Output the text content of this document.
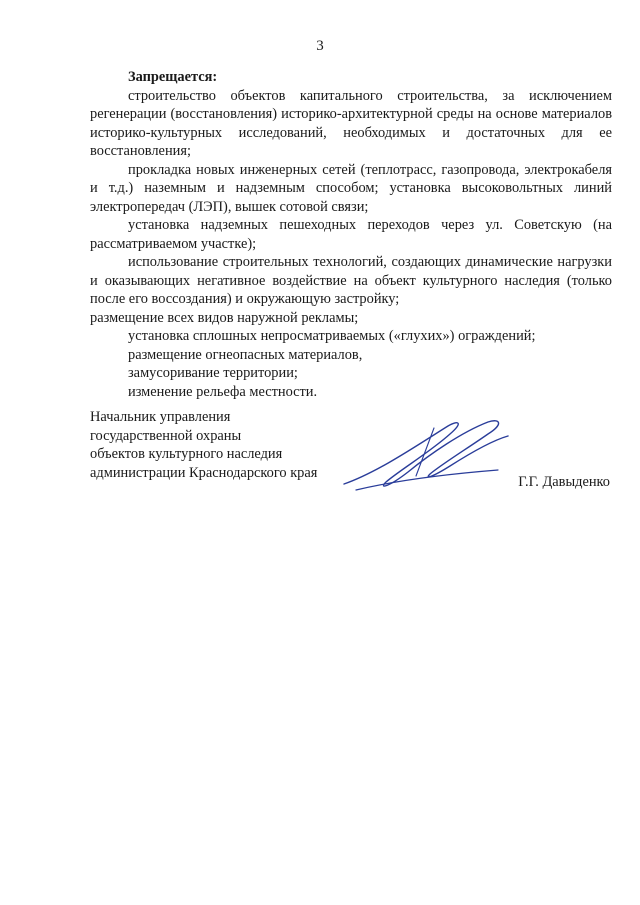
3
Запрещается:

строительство объектов капитального строительства, за исключением регенерации (восстановления) историко-архитектурной среды на основе материалов историко-культурных исследований, необходимых и достаточных для ее восстановления;

прокладка новых инженерных сетей (теплотрасс, газопровода, электрокабеля и т.д.) наземным и надземным способом; установка высоковольтных линий электропередач (ЛЭП), вышек сотовой связи;

установка надземных пешеходных переходов через ул. Советскую (на рассматриваемом участке);

использование строительных технологий, создающих динамические нагрузки и оказывающих негативное воздействие на объект культурного наследия (только после его воссоздания) и окружающую застройку;

размещение всех видов наружной рекламы;

установка сплошных непросматриваемых («глухих») ограждений;

размещение огнеопасных материалов,

замусоривание территории;

изменение рельефа местности.

Начальник управления
государственной охраны
объектов культурного наследия
администрации Краснодарского края
Г.Г. Давыденко
